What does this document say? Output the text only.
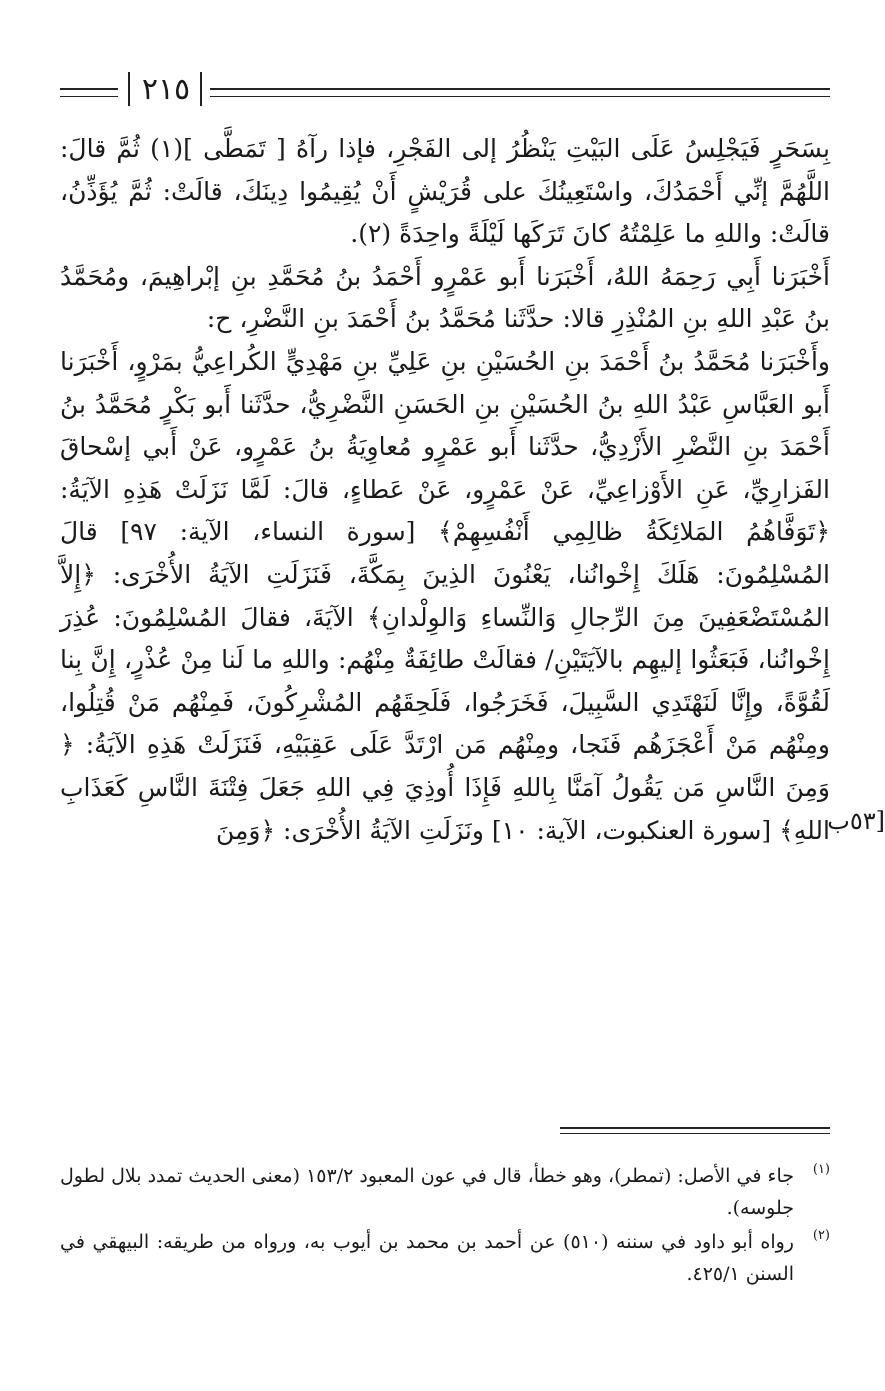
٢١٥

بِسَحَرٍ فَيَجْلِسُ عَلَى البَيْتِ يَنْظُرُ إلى الفَجْرِ، فإذا رآهُ [ تَمَطَّى ](١) ثُمَّ قالَ: اللَّهُمَّ إنِّي أَحْمَدُكَ، واسْتَعِينُكَ على قُرَيْشٍ أَنْ يُقِيمُوا دِينَكَ، قالَتْ: ثُمَّ يُؤَذِّنُ، قالَتْ: واللهِ ما عَلِمْتُهُ كانَ تَرَكَها لَيْلَةً واحِدَةً (٢).

أَخْبَرَنا أَبِي رَحِمَهُ اللهُ، أَخْبَرَنا أَبو عَمْرٍو أَحْمَدُ بنُ مُحَمَّدِ بنِ إبْراهِيمَ، ومُحَمَّدُ بنُ عَبْدِ اللهِ بنِ المُنْذِرِ قالا: حدَّثَنا مُحَمَّدُ بنُ أَحْمَدَ بنِ النَّضْرِ، ح:

وأَخْبَرَنا مُحَمَّدُ بنُ أَحْمَدَ بنِ الحُسَيْنِ بنِ عَلِيِّ بنِ مَهْدِيٍّ الكُراعِيُّ بمَرْوٍ، أَخْبَرَنا أَبو العَبَّاسِ عَبْدُ اللهِ بنُ الحُسَيْنِ بنِ الحَسَنِ النَّضْرِيُّ، حدَّثَنا أَبو بَكْرٍ مُحَمَّدُ بنُ أَحْمَدَ بنِ النَّضْرِ الأَزْدِيُّ، حدَّثَنا أَبو عَمْرٍو مُعاوِيَةُ بنُ عَمْرٍو، عَنْ أَبي إسْحاقَ الفَزارِيِّ، عَنِ الأَوْزاعِيِّ، عَنْ عَمْرٍو، عَنْ عَطاءٍ، قالَ: لَمَّا نَزَلَتْ هَذِهِ الآيَةُ: ﴿تَوَفَّاهُمُ المَلائِكَةُ ظالِمِي أَنْفُسِهِمْ﴾ [سورة النساء، الآية: ٩٧] قالَ المُسْلِمُونَ: هَلَكَ إِخْوانُنا، يَعْنُونَ الذِينَ بِمَكَّةَ، فَنَزَلَتِ الآيَةُ الأُخْرَى: ﴿إِلاَّ المُسْتَضْعَفِينَ مِنَ الرِّجالِ وَالنِّساءِ وَالوِلْدانِ﴾ الآيَةَ، فقالَ المُسْلِمُونَ: عُذِرَ إِخْوانُنا، فَبَعَثُوا إليهِم بالآيَتَيْنِ/ فقالَتْ طائِفَةٌ مِنْهُم: واللهِ ما لَنا مِنْ عُذْرٍ، إِنَّ بِنا لَقُوَّةً، وإِنَّا لَنَهْتَدِي السَّبِيلَ، فَخَرَجُوا، فَلَحِقَهُم المُشْرِكُونَ، فَمِنْهُم مَنْ قُتِلُوا، ومِنْهُم مَنْ أَعْجَزَهُم فَنَجا، ومِنْهُم مَن ارْتَدَّ عَلَى عَقِبَيْهِ، فَنَزَلَتْ هَذِهِ الآيَةُ: ﴿ وَمِنَ النَّاسِ مَن يَقُولُ آمَنَّا بِاللهِ فَإِذَا أُوذِيَ فِي اللهِ جَعَلَ فِتْنَةَ النَّاسِ كَعَذَابِ اللهِ﴾ [سورة العنكبوت، الآية: ١٠] ونَزَلَتِ الآيَةُ الأُخْرَى: ﴿وَمِنَ

[٥٣ب
(١)
جاء في الأصل: (تمطر)، وهو خطأ، قال في عون المعبود ١٥٣/٢ (معنى الحديث تمدد بلال لطول جلوسه).
(٢)
رواه أبو داود في سننه (٥١٠) عن أحمد بن محمد بن أيوب به، ورواه من طريقه: البيهقي في السنن ٤٢٥/١.
